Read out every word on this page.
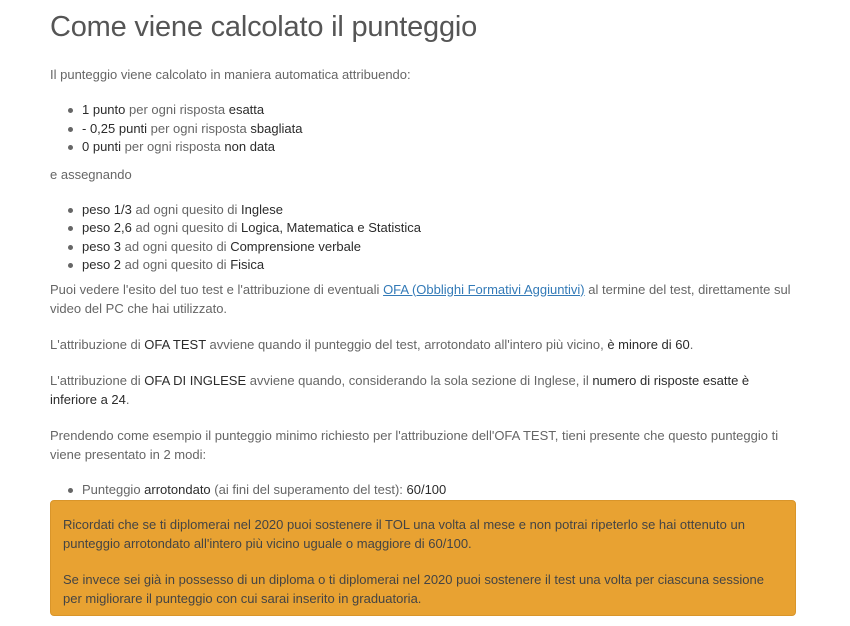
Come viene calcolato il punteggio

Il punteggio viene calcolato in maniera automatica attribuendo:

1 punto per ogni risposta esatta
- 0,25 punti per ogni risposta sbagliata
0 punti per ogni risposta non data

e assegnando

peso 1/3 ad ogni quesito di Inglese
peso 2,6 ad ogni quesito di Logica, Matematica e Statistica
peso 3 ad ogni quesito di Comprensione verbale
peso 2 ad ogni quesito di Fisica

Puoi vedere l'esito del tuo test e l'attribuzione di eventuali OFA (Obblighi Formativi Aggiuntivi) al termine del test, direttamente sul video del PC che hai utilizzato.

L'attribuzione di OFA TEST avviene quando il punteggio del test, arrotondato all'intero più vicino, è minore di 60.

L'attribuzione di OFA DI INGLESE avviene quando, considerando la sola sezione di Inglese, il numero di risposte esatte è inferiore a 24.

Prendendo come esempio il punteggio minimo richiesto per l'attribuzione dell'OFA TEST, tieni presente che questo punteggio ti viene presentato in 2 modi:

Punteggio arrotondato (ai fini del superamento del test): 60/100

Ricordati che se ti diplomerai nel 2020 puoi sostenere il TOL una volta al mese e non potrai ripeterlo se hai ottenuto un punteggio arrotondato all'intero più vicino uguale o maggiore di 60/100.

Se invece sei già in possesso di un diploma o ti diplomerai nel 2020 puoi sostenere il test una volta per ciascuna sessione per migliorare il punteggio con cui sarai inserito in graduatoria.
